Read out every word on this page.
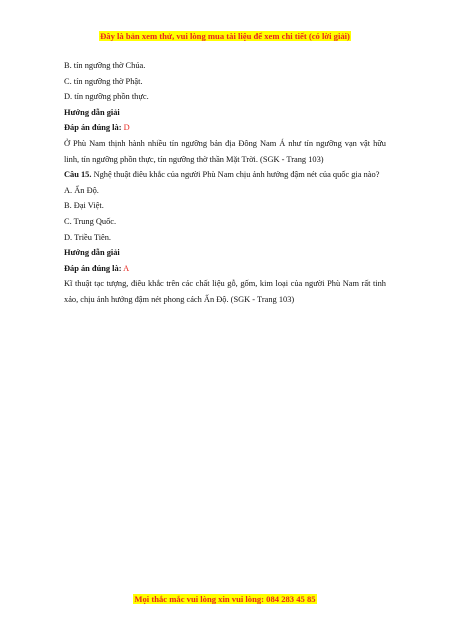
Đây là bản xem thử, vui lòng mua tài liệu để xem chi tiết (có lời giải)

B. tín ngưỡng thờ Chúa.

C. tín ngưỡng thờ Phật.

D. tín ngưỡng phồn thực.

Hướng dẫn giải

Đáp án đúng là: D

Ở Phù Nam thịnh hành nhiều tín ngưỡng bản địa Đông Nam Á như tín ngưỡng vạn vật hữu linh, tín ngưỡng phồn thực, tín ngưỡng thờ thần Mặt Trời. (SGK - Trang 103)

Câu 15. Nghệ thuật điêu khắc của người Phù Nam chịu ảnh hưởng đậm nét của quốc gia nào?

A. Ấn Độ.

B. Đại Việt.

C. Trung Quốc.

D. Triều Tiên.

Hướng dẫn giải

Đáp án đúng là: A

Kĩ thuật tạc tượng, điêu khắc trên các chất liệu gỗ, gốm, kim loại của người Phù Nam rất tinh xảo, chịu ảnh hưởng đậm nét phong cách Ấn Độ. (SGK - Trang 103)

Mọi thắc mắc vui lòng xin vui lòng: 084 283 45 85
